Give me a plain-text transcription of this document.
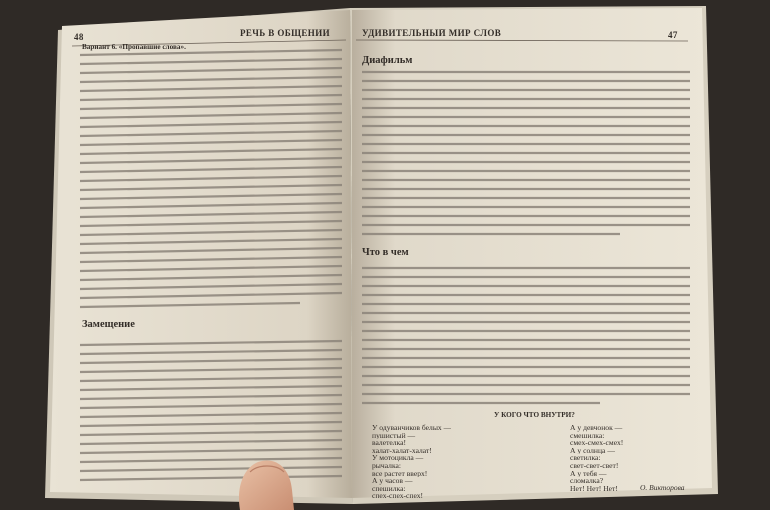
48	РЕЧЬ В ОБЩЕНИИ
Вариант 6. «Пропавшие слова».
Замещение
УДИВИТЕЛЬНЫЙ МИР СЛОВ	47
Диафильм
Что в чем
У КОГО ЧТО ВНУТРИ?
У одуванчиков белых —
пушистый —
валетелка!
халат-халат-халат!
У мотоцикла —
рычалка:
все растет вверх!
А у часов —
спешилка:
спех-спех-спех!
А у девчонок —
смешилка:
смех-смех-смех!
А у солнца —
светилка:
свет-свет-свет!
А у тебя —
сломалка?
Нет! Нет! Нет!	О. Викторова
